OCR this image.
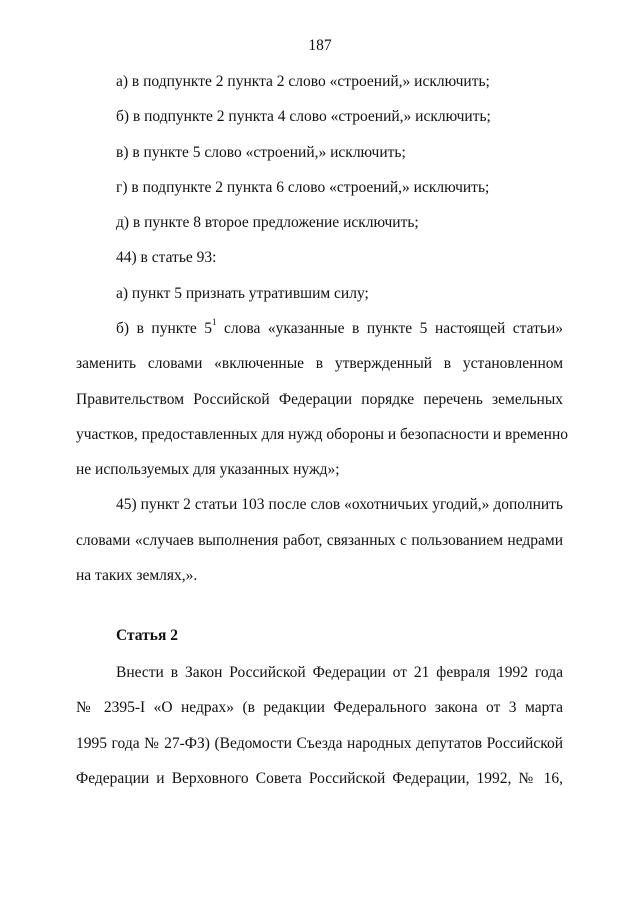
187
а) в подпункте 2 пункта 2 слово «строений,» исключить;
б) в подпункте 2 пункта 4 слово «строений,» исключить;
в) в пункте 5 слово «строений,» исключить;
г) в подпункте 2 пункта 6 слово «строений,» исключить;
д) в пункте 8 второе предложение исключить;
44) в статье 93:
а) пункт 5 признать утратившим силу;
б) в пункте $5^1$ слова «указанные в пункте 5 настоящей статьи»
заменить словами «включенные в утвержденный в установленном
Правительством Российской Федерации порядке перечень земельных
участков, предоставленных для нужд обороны и безопасности и временно
не используемых для указанных нужд»;
45) пункт 2 статьи 103 после слов «охотничьих угодий,» дополнить
словами «случаев выполнения работ, связанных с пользованием недрами
на таких землях,».
Статья 2
Внести в Закон Российской Федерации от 21 февраля 1992 года
№ 2395-I «О недрах» (в редакции Федерального закона от 3 марта
1995 года № 27-ФЗ) (Ведомости Съезда народных депутатов Российской
Федерации и Верховного Совета Российской Федерации, 1992, № 16,
